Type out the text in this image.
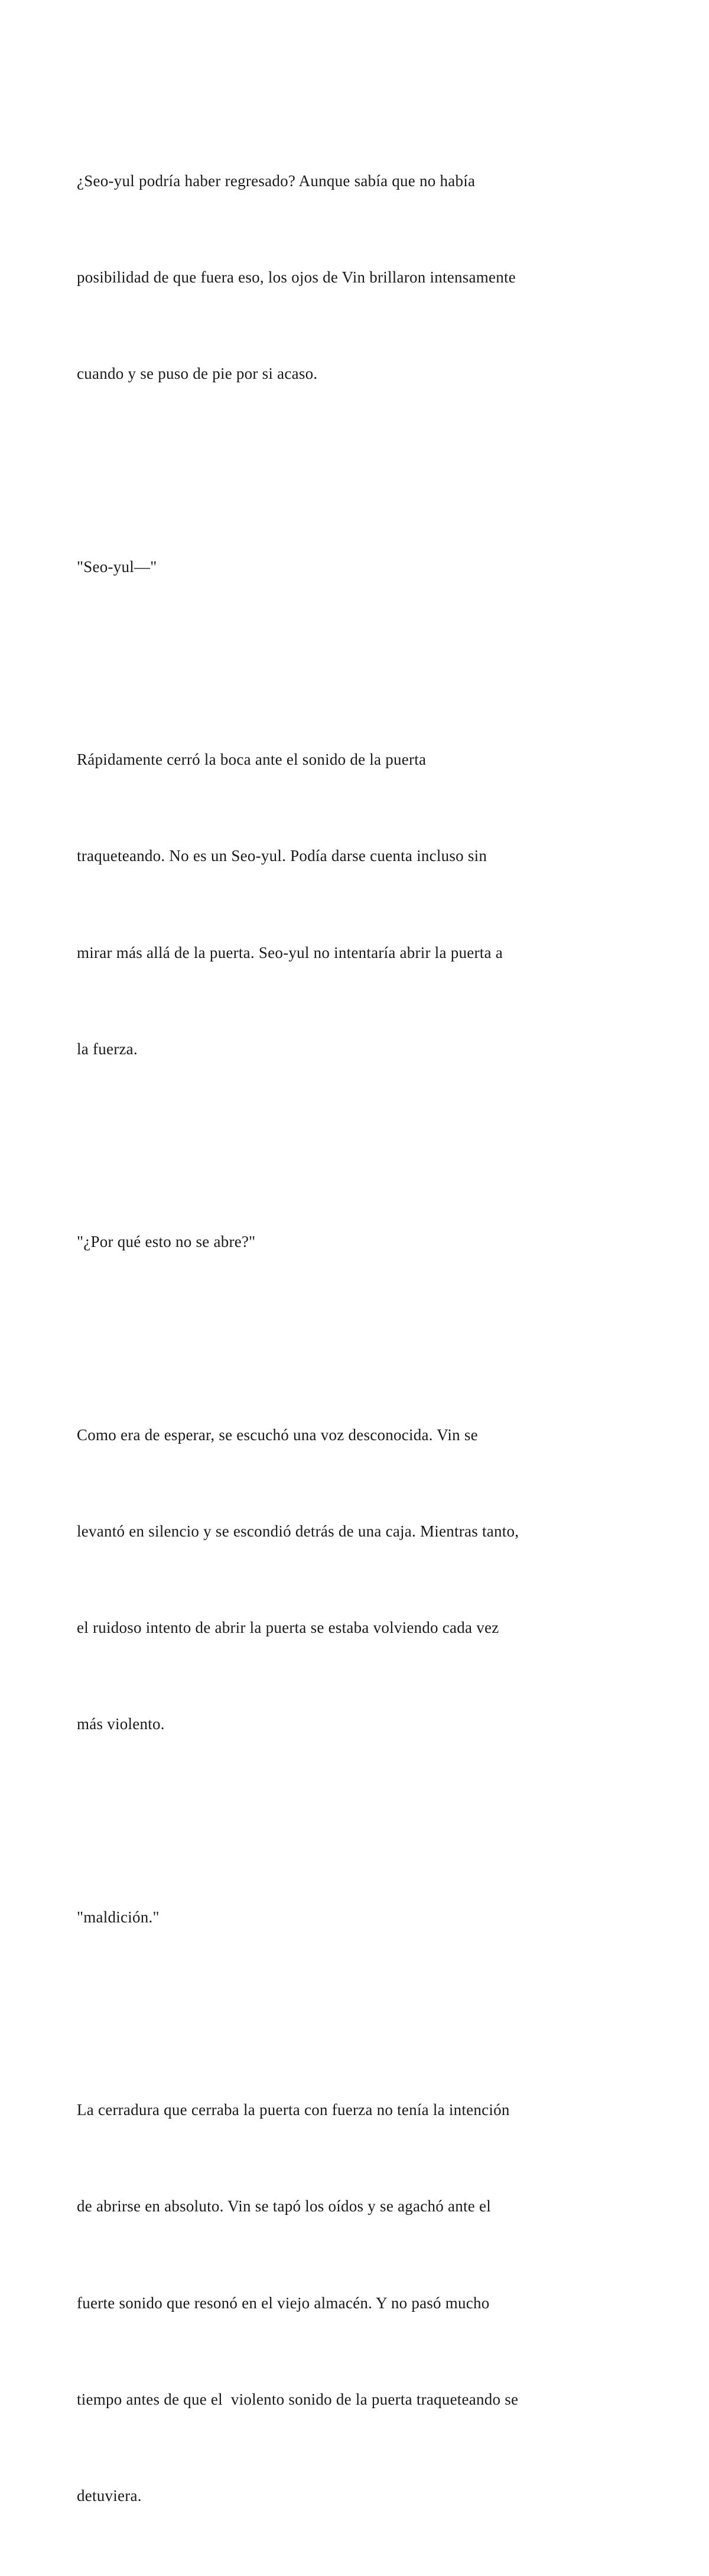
¿Seo-yul podría haber regresado? Aunque sabía que no había

posibilidad de que fuera eso, los ojos de Vin brillaron intensamente

cuando y se puso de pie por si acaso.

"Seo-yul—"

Rápidamente cerró la boca ante el sonido de la puerta

traqueteando. No es un Seo-yul. Podía darse cuenta incluso sin

mirar más allá de la puerta. Seo-yul no intentaría abrir la puerta a

la fuerza.

"¿Por qué esto no se abre?"

Como era de esperar, se escuchó una voz desconocida. Vin se

levantó en silencio y se escondió detrás de una caja. Mientras tanto,

el ruidoso intento de abrir la puerta se estaba volviendo cada vez

más violento.

"maldición."

La cerradura que cerraba la puerta con fuerza no tenía la intención

de abrirse en absoluto. Vin se tapó los oídos y se agachó ante el

fuerte sonido que resonó en el viejo almacén. Y no pasó mucho

tiempo antes de que el  violento sonido de la puerta traqueteando se

detuviera.
